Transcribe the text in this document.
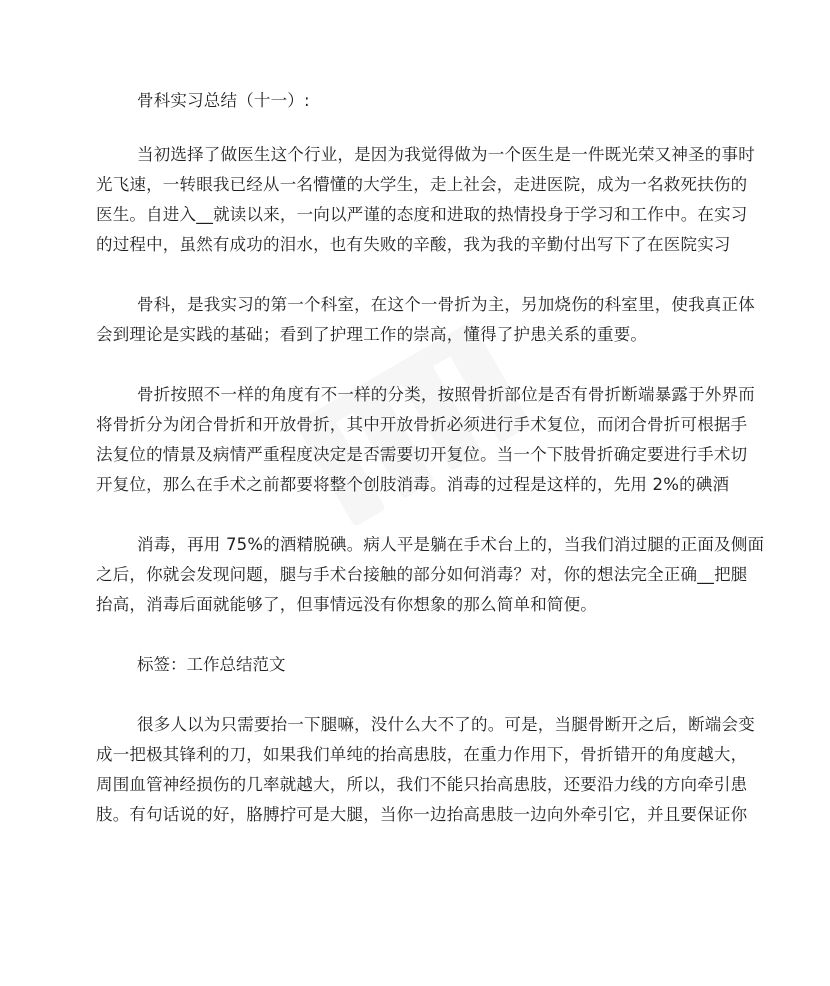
骨科实习总结（十一）:

当初选择了做医生这个行业，是因为我觉得做为一个医生是一件既光荣又神圣的事时
光飞速，一转眼我已经从一名懵懂的大学生，走上社会，走进医院，成为一名救死扶伤的
医生。自进入__就读以来，一向以严谨的态度和进取的热情投身于学习和工作中。在实习
的过程中，虽然有成功的泪水，也有失败的辛酸，我为我的辛勤付出写下了在医院实习

骨科，是我实习的第一个科室，在这个一骨折为主，另加烧伤的科室里，使我真正体
会到理论是实践的基础；看到了护理工作的崇高，懂得了护患关系的重要。

骨折按照不一样的角度有不一样的分类，按照骨折部位是否有骨折断端暴露于外界而
将骨折分为闭合骨折和开放骨折，其中开放骨折必须进行手术复位，而闭合骨折可根据手
法复位的情景及病情严重程度决定是否需要切开复位。当一个下肢骨折确定要进行手术切
开复位，那么在手术之前都要将整个创肢消毒。消毒的过程是这样的，先用 2%的碘酒

消毒，再用 75%的酒精脱碘。病人平是躺在手术台上的，当我们消过腿的正面及侧面
之后，你就会发现问题，腿与手术台接触的部分如何消毒？对，你的想法完全正确__把腿
抬高，消毒后面就能够了，但事情远没有你想象的那么简单和简便。

标签：工作总结范文

很多人以为只需要抬一下腿嘛，没什么大不了的。可是，当腿骨断开之后，断端会变
成一把极其锋利的刀，如果我们单纯的抬高患肢，在重力作用下，骨折错开的角度越大，
周围血管神经损伤的几率就越大，所以，我们不能只抬高患肢，还要沿力线的方向牵引患
肢。有句话说的好，胳膊拧可是大腿，当你一边抬高患肢一边向外牵引它，并且要保证你
